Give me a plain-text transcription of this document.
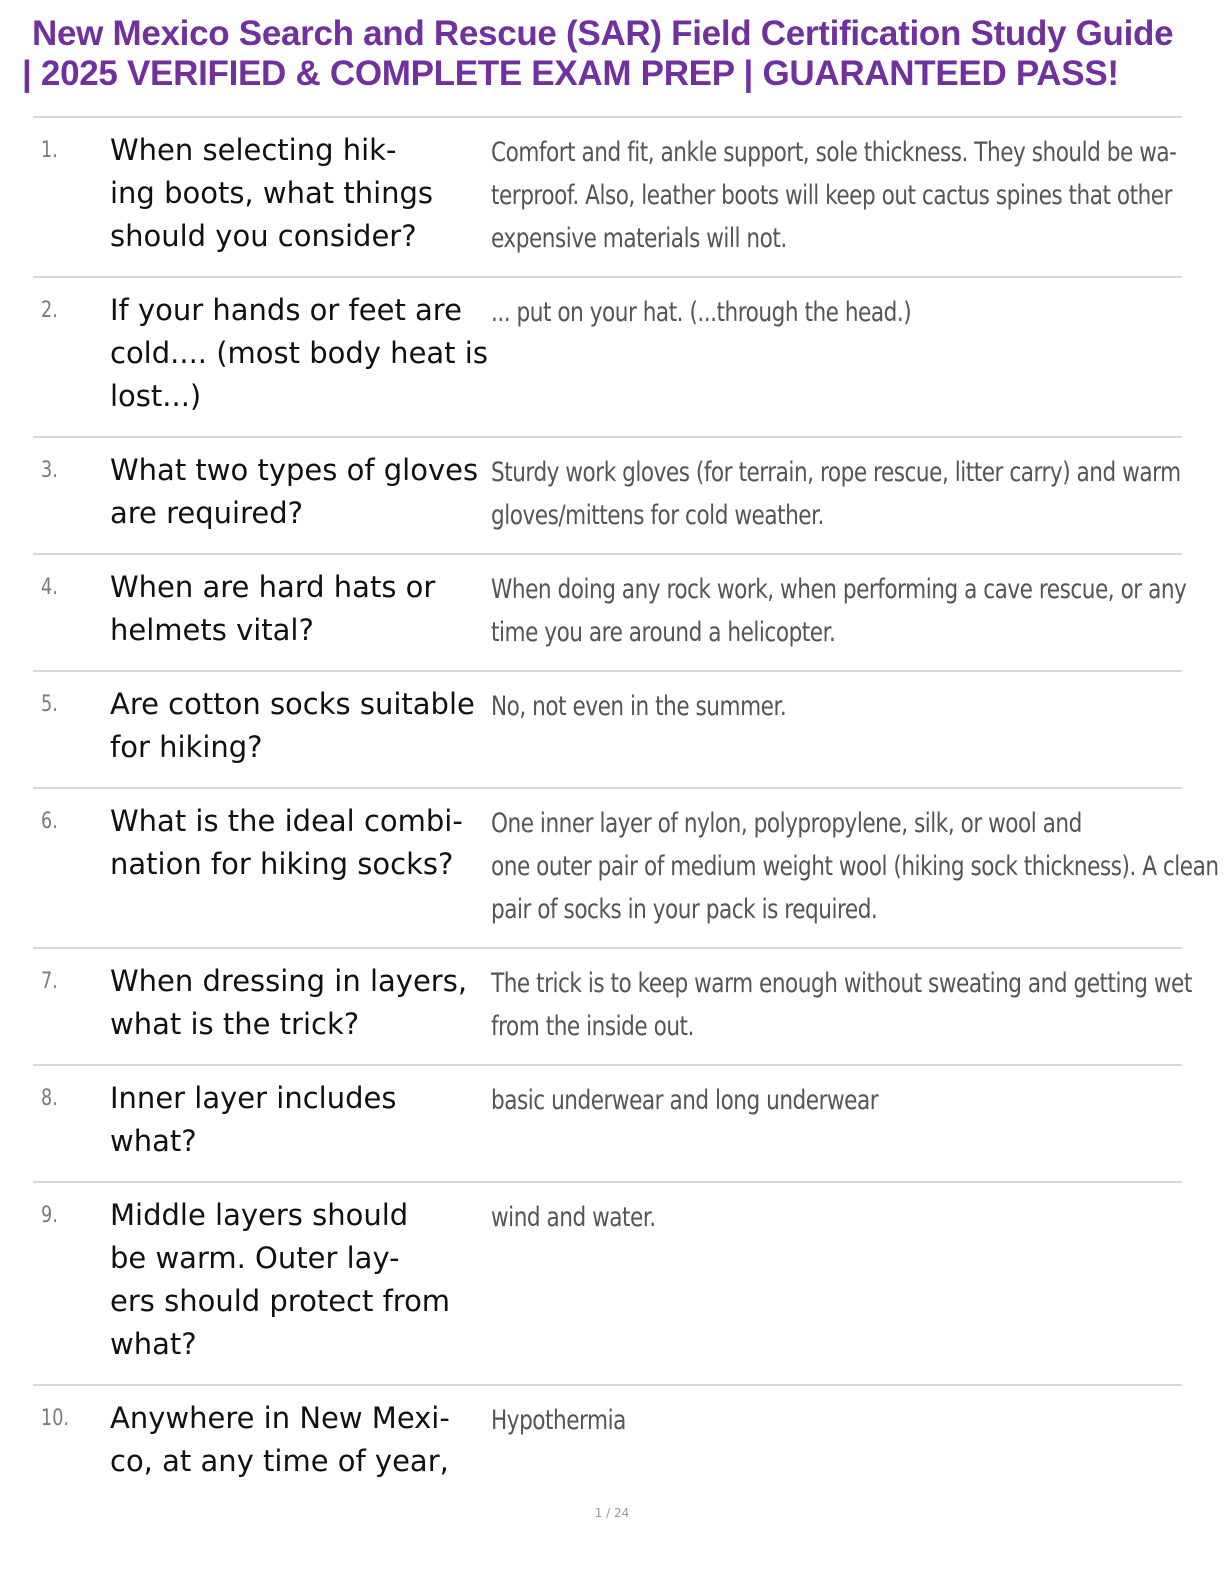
New Mexico Search and Rescue (SAR) Field Certification Study Guide
| 2025 VERIFIED & COMPLETE EXAM PREP | GUARANTEED PASS!
1. When selecting hik-
ing boots, what things
should you consider?
Comfort and fit, ankle support, sole thickness. They should be wa-
terproof. Also, leather boots will keep out cactus spines that other
expensive materials will not.
2. If your hands or feet are
cold.... (most body heat is
lost...)
... put on your hat. (...through the head.)
3. What two types of gloves
are required?
Sturdy work gloves (for terrain, rope rescue, litter carry) and warm
gloves/mittens for cold weather.
4. When are hard hats or
helmets vital?
When doing any rock work, when performing a cave rescue, or any
time you are around a helicopter.
5. Are cotton socks suitable
for hiking?
No, not even in the summer.
6. What is the ideal combi-
nation for hiking socks?
One inner layer of nylon, polypropylene, silk, or wool and
one outer pair of medium weight wool (hiking sock thickness). A clean
pair of socks in your pack is required.
7. When dressing in layers,
what is the trick?
The trick is to keep warm enough without sweating and getting wet
from the inside out.
8. Inner layer includes
what?
basic underwear and long underwear
9. Middle layers should
be warm. Outer lay-
ers should protect from
what?
wind and water.
10. Anywhere in New Mexi-
co, at any time of year,
Hypothermia
1 / 24
